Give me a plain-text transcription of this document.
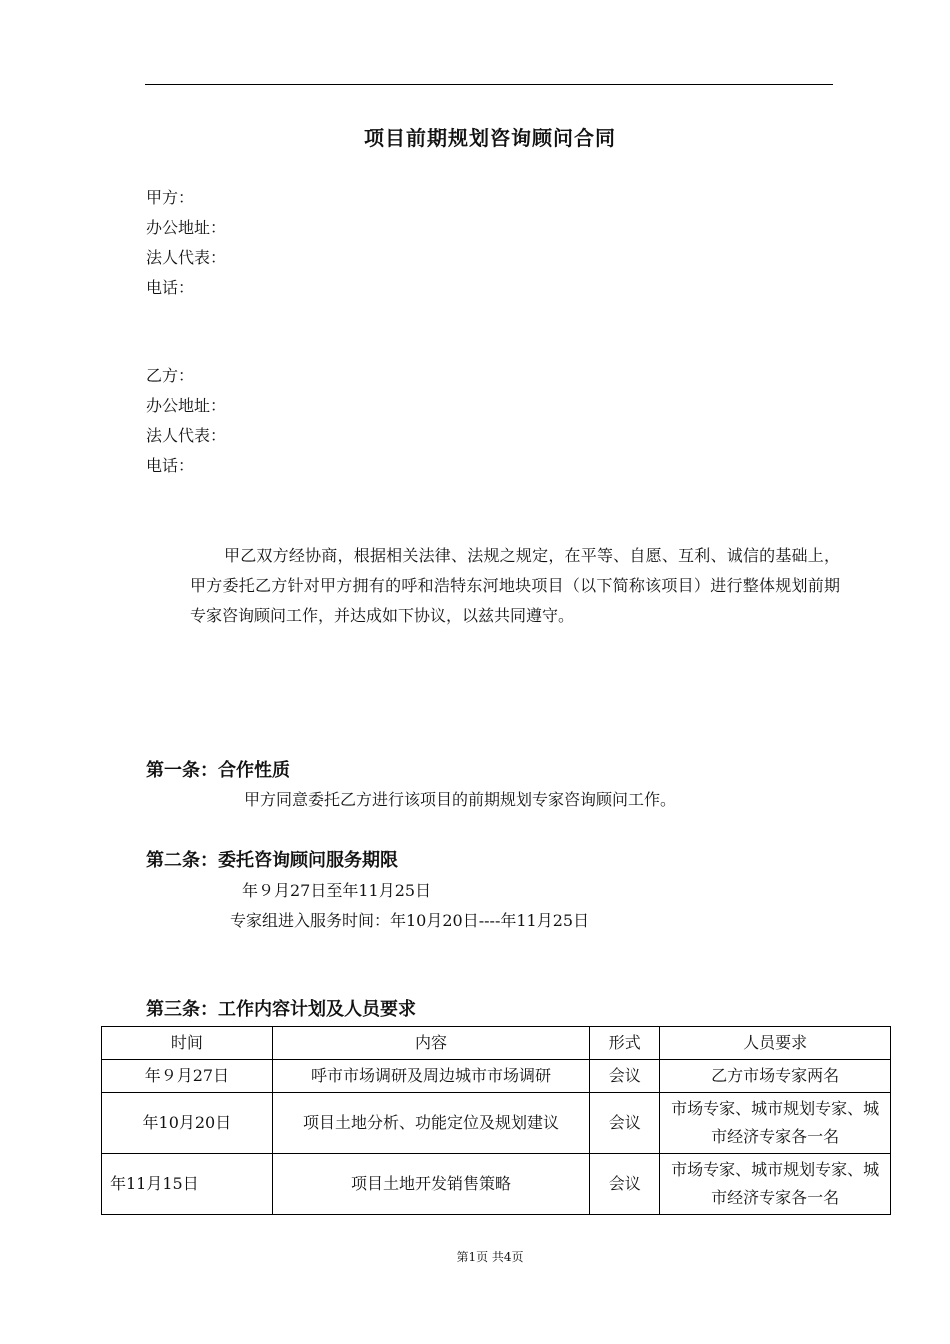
项目前期规划咨询顾问合同
甲方：
办公地址：
法人代表：
电话：
乙方：
办公地址：
法人代表：
电话：
甲乙双方经协商，根据相关法律、法规之规定，在平等、自愿、互利、诚信的基础上，甲方委托乙方针对甲方拥有的呼和浩特东河地块项目（以下简称该项目）进行整体规划前期专家咨询顾问工作，并达成如下协议，以兹共同遵守。
第一条：合作性质
甲方同意委托乙方进行该项目的前期规划专家咨询顾问工作。
第二条：委托咨询顾问服务期限
年９月27日至年11月25日
专家组进入服务时间：年10月20日----年11月25日
第三条：工作内容计划及人员要求
时间	内容	形式	人员要求
年９月27日	呼市市场调研及周边城市市场调研	会议	乙方市场专家两名
年10月20日	项目土地分析、功能定位及规划建议	会议	市场专家、城市规划专家、城市经济专家各一名
年11月15日	项目土地开发销售策略	会议	市场专家、城市规划专家、城市经济专家各一名
第1页 共4页
